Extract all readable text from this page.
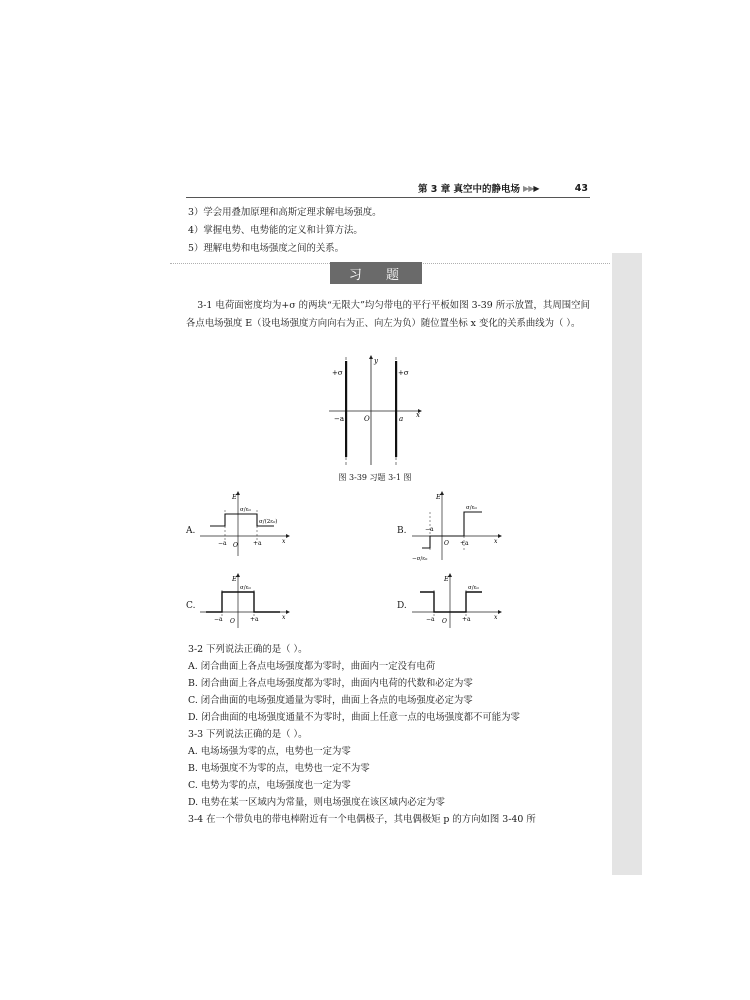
第 3 章 真空中的静电场 ▶▶▶	43
3）学会用叠加原理和高斯定理求解电场强度。
4）掌握电势、电势能的定义和计算方法。
5）理解电势和电场强度之间的关系。
习 题
3-1 电荷面密度均为+σ 的两块“无限大”均匀带电的平行平板如图 3-39 所示放置，其周围空间各点电场强度 E（设电场强度方向向右为正、向左为负）随位置坐标 x 变化的关系曲线为（ ）。
+σ	+σ
y
x
−a	O	a
图 3-39 习题 3-1 图
A.
E
σ/ε₀
σ/(2ε₀)
−a O	+a	x
B.
E
σ/ε₀
−a
O +a	x
−σ/ε₀
C.
E
σ/ε₀
−a O	+a	x
D.
E
σ/ε₀
−a O	+a	x
3-2 下列说法正确的是（ ）。
A. 闭合曲面上各点电场强度都为零时，曲面内一定没有电荷
B. 闭合曲面上各点电场强度都为零时，曲面内电荷的代数和必定为零
C. 闭合曲面的电场强度通量为零时，曲面上各点的电场强度必定为零
D. 闭合曲面的电场强度通量不为零时，曲面上任意一点的电场强度都不可能为零
3-3 下列说法正确的是（ ）。
A. 电场场强为零的点，电势也一定为零
B. 电场强度不为零的点，电势也一定不为零
C. 电势为零的点，电场强度也一定为零
D. 电势在某一区域内为常量，则电场强度在该区域内必定为零
3-4 在一个带负电的带电棒附近有一个电偶极子，其电偶极矩 p 的方向如图 3-40 所
